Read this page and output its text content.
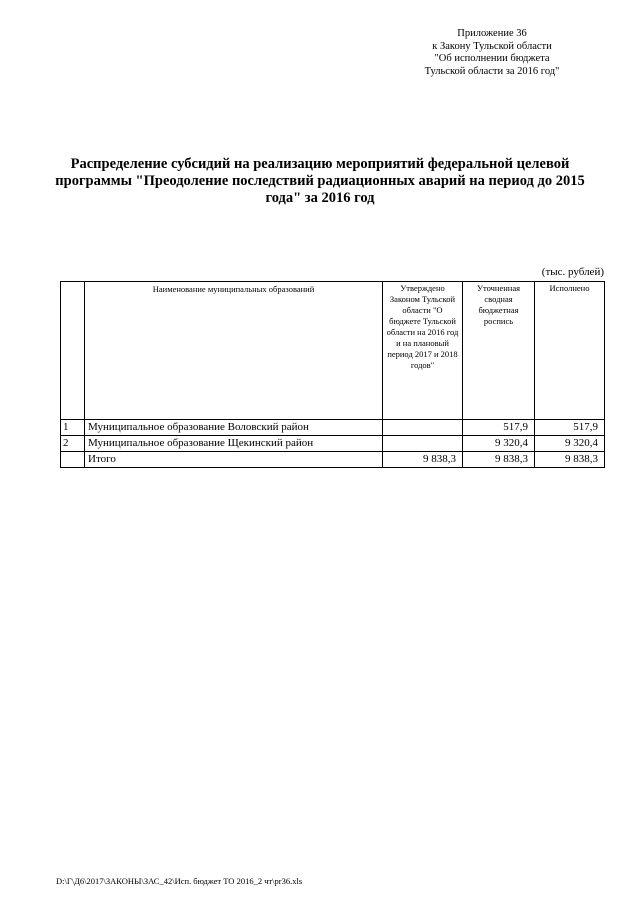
Приложение 36
к Закону Тульской области
"Об исполнении бюджета
Тульской области за 2016 год"
Распределение субсидий на реализацию мероприятий федеральной целевой
программы "Преодоление последствий радиационных аварий на период до 2015
года" за 2016 год
(тыс. рублей)
	Наименование муниципальных образований	Утверждено Законом Тульской области "О бюджете Тульской области на 2016 год и на плановый период 2017 и 2018 годов"	Уточненная сводная бюджетная роспись	Исполнено
1	Муниципальное образование Воловский район		517,9	517,9
2	Муниципальное образование Щекинский район		9 320,4	9 320,4
	Итого	9 838,3	9 838,3	9 838,3
D:\Г\Д6\2017\ЗАКОНЫ\ЗАС_42\Исп. бюджет ТО 2016_2 чт\pr36.xls
